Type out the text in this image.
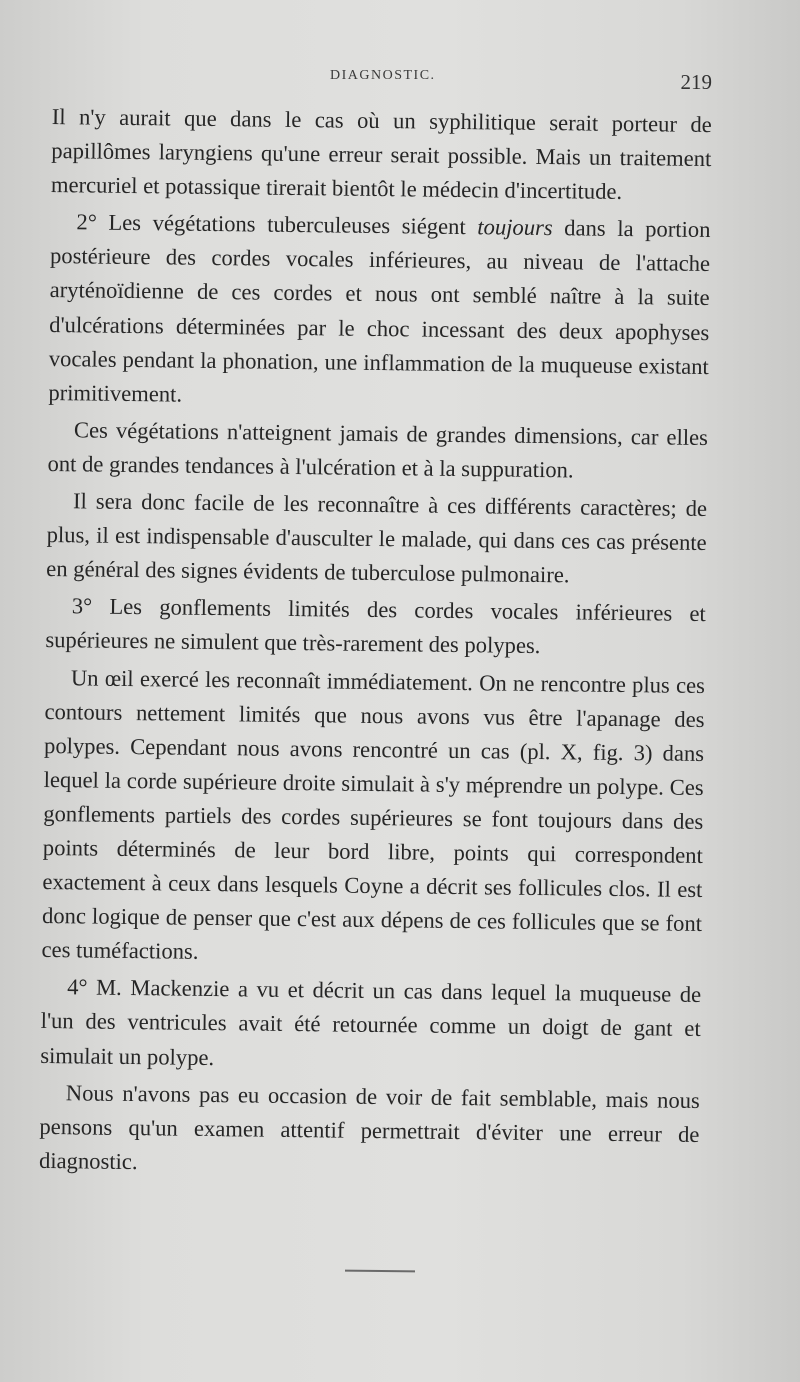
DIAGNOSTIC.	219

Il n'y aurait que dans le cas où un syphilitique serait porteur de papillômes laryngiens qu'une erreur serait possible. Mais un traitement mercuriel et potassique tirerait bientôt le médecin d'incertitude.

2° Les végétations tuberculeuses siégent toujours dans la portion postérieure des cordes vocales inférieures, au niveau de l'attache aryténoïdienne de ces cordes et nous ont semblé naître à la suite d'ulcérations déterminées par le choc incessant des deux apophyses vocales pendant la phonation, une inflammation de la muqueuse existant primitivement.

Ces végétations n'atteignent jamais de grandes dimensions, car elles ont de grandes tendances à l'ulcération et à la suppuration.

Il sera donc facile de les reconnaître à ces différents caractères; de plus, il est indispensable d'ausculter le malade, qui dans ces cas présente en général des signes évidents de tuberculose pulmonaire.

3° Les gonflements limités des cordes vocales inférieures et supérieures ne simulent que très-rarement des polypes.

Un œil exercé les reconnaît immédiatement. On ne rencontre plus ces contours nettement limités que nous avons vus être l'apanage des polypes. Cependant nous avons rencontré un cas (pl. X, fig. 3) dans lequel la corde supérieure droite simulait à s'y méprendre un polype. Ces gonflements partiels des cordes supérieures se font toujours dans des points déterminés de leur bord libre, points qui correspondent exactement à ceux dans lesquels Coyne a décrit ses follicules clos. Il est donc logique de penser que c'est aux dépens de ces follicules que se font ces tuméfactions.

4° M. Mackenzie a vu et décrit un cas dans lequel la muqueuse de l'un des ventricules avait été retournée comme un doigt de gant et simulait un polype.

Nous n'avons pas eu occasion de voir de fait semblable, mais nous pensons qu'un examen attentif permettrait d'éviter une erreur de diagnostic.
